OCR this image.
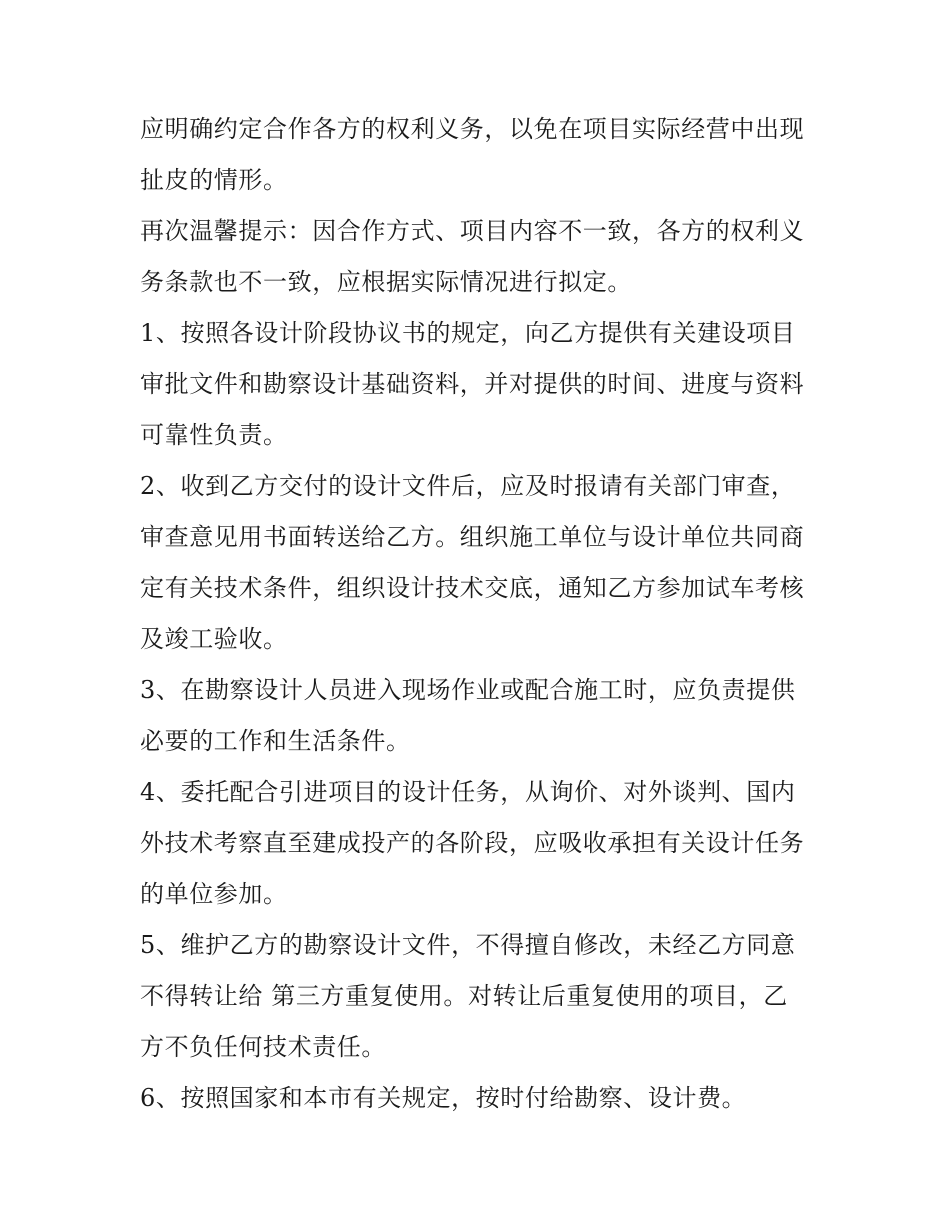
应明确约定合作各方的权利义务，以免在项目实际经营中出现
扯皮的情形。
再次温馨提示：因合作方式、项目内容不一致，各方的权利义
务条款也不一致，应根据实际情况进行拟定。
1、按照各设计阶段协议书的规定，向乙方提供有关建设项目
审批文件和勘察设计基础资料，并对提供的时间、进度与资料
可靠性负责。
2、收到乙方交付的设计文件后，应及时报请有关部门审查，
审查意见用书面转送给乙方。组织施工单位与设计单位共同商
定有关技术条件，组织设计技术交底，通知乙方参加试车考核
及竣工验收。
3、在勘察设计人员进入现场作业或配合施工时，应负责提供
必要的工作和生活条件。
4、委托配合引进项目的设计任务，从询价、对外谈判、国内
外技术考察直至建成投产的各阶段，应吸收承担有关设计任务
的单位参加。
5、维护乙方的勘察设计文件，不得擅自修改，未经乙方同意
不得转让给 第三方重复使用。对转让后重复使用的项目，乙
方不负任何技术责任。
6、按照国家和本市有关规定，按时付给勘察、设计费。
